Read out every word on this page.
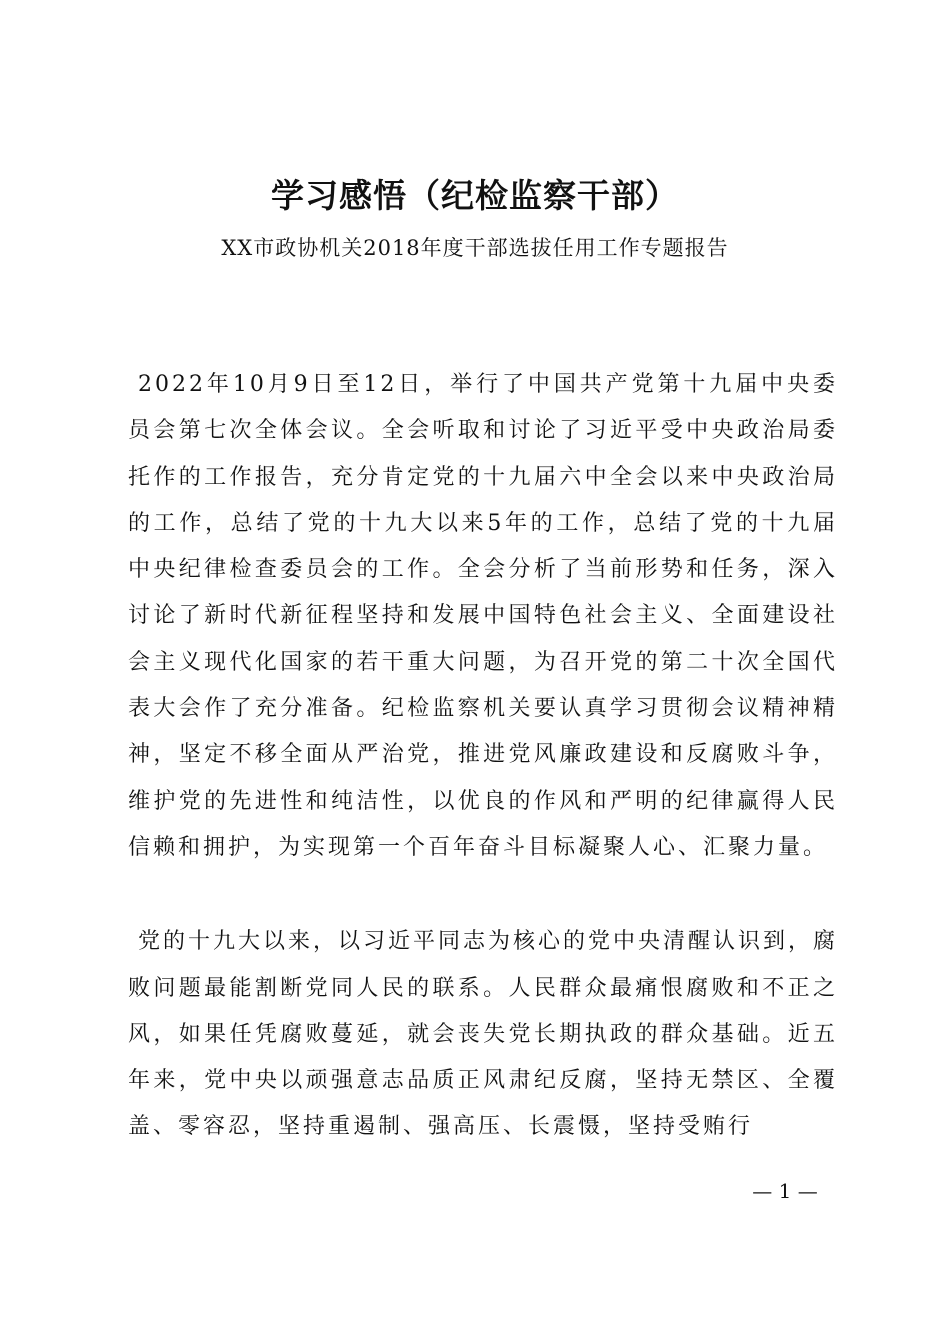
学习感悟（纪检监察干部）
XX市政协机关2018年度干部选拔任用工作专题报告

2022年10月9日至12日，举行了中国共产党第十九届中央委员会第七次全体会议。全会听取和讨论了习近平受中央政治局委托作的工作报告，充分肯定党的十九届六中全会以来中央政治局的工作，总结了党的十九大以来5年的工作，总结了党的十九届中央纪律检查委员会的工作。全会分析了当前形势和任务，深入讨论了新时代新征程坚持和发展中国特色社会主义、全面建设社会主义现代化国家的若干重大问题，为召开党的第二十次全国代表大会作了充分准备。纪检监察机关要认真学习贯彻会议精神精神，坚定不移全面从严治党，推进党风廉政建设和反腐败斗争，维护党的先进性和纯洁性，以优良的作风和严明的纪律赢得人民信赖和拥护，为实现第一个百年奋斗目标凝聚人心、汇聚力量。

党的十九大以来，以习近平同志为核心的党中央清醒认识到，腐败问题最能割断党同人民的联系。人民群众最痛恨腐败和不正之风，如果任凭腐败蔓延，就会丧失党长期执政的群众基础。近五年来，党中央以顽强意志品质正风肃纪反腐，坚持无禁区、全覆盖、零容忍，坚持重遏制、强高压、长震慑，坚持受贿行

— 1 —
